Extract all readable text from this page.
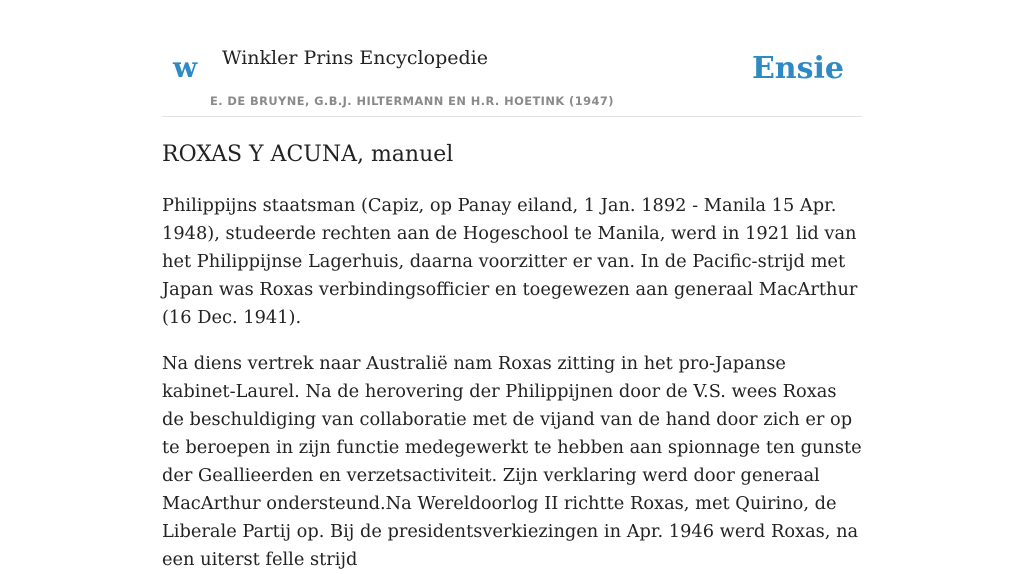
w Winkler Prins Encyclopedie
E. DE BRUYNE, G.B.J. HILTERMANN EN H.R. HOETINK (1947)
Ensie
ROXAS Y ACUNA, manuel

Philippijns staatsman (Capiz, op Panay eiland, 1 Jan. 1892 - Manila 15 Apr. 1948), studeerde rechten aan de Hogeschool te Manila, werd in 1921 lid van het Philippijnse Lagerhuis, daarna voorzitter er van. In de Pacific-strijd met Japan was Roxas verbindingsofficier en toegewezen aan generaal MacArthur (16 Dec. 1941).

Na diens vertrek naar Australië nam Roxas zitting in het pro-Japanse kabinet-Laurel. Na de herovering der Philippijnen door de V.S. wees Roxas de beschuldiging van collaboratie met de vijand van de hand door zich er op te beroepen in zijn functie medegewerkt te hebben aan spionnage ten gunste der Geallieerden en verzetsactiviteit. Zijn verklaring werd door generaal MacArthur ondersteund.Na Wereldoorlog II richtte Roxas, met Quirino, de Liberale Partij op. Bij de presidentsverkiezingen in Apr. 1946 werd Roxas, na een uiterst felle strijd
